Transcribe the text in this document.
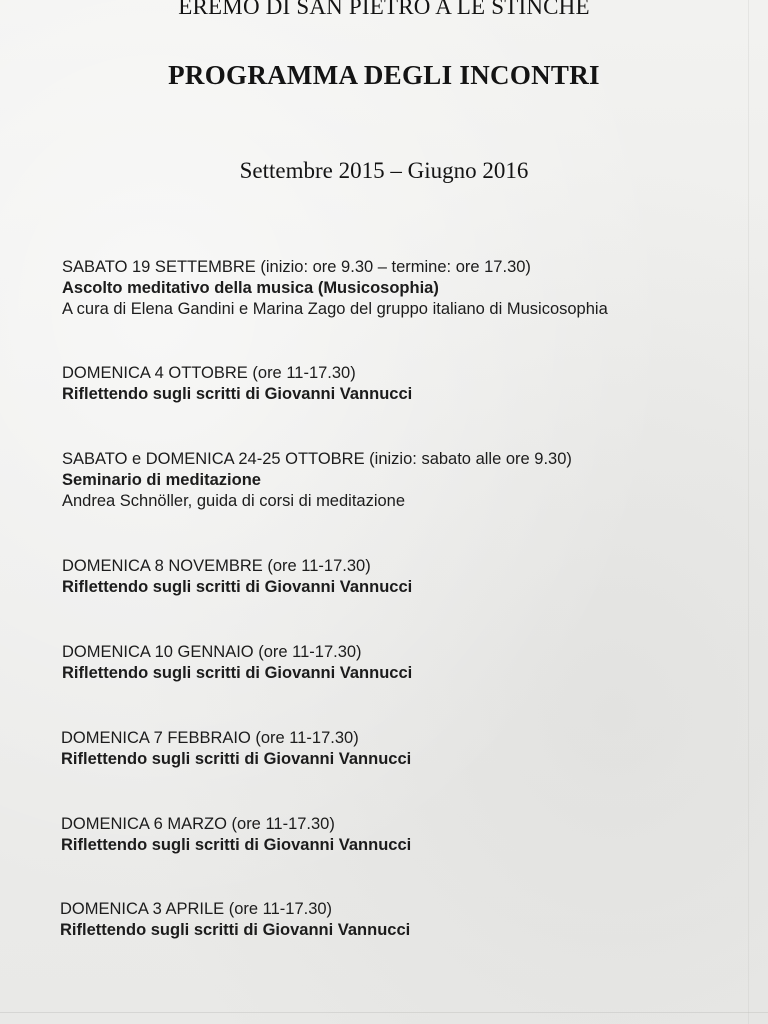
EREMO DI SAN PIETRO A LE STINCHE
PROGRAMMA DEGLI INCONTRI
Settembre 2015 – Giugno 2016
SABATO 19 SETTEMBRE (inizio: ore 9.30 – termine: ore 17.30)
Ascolto meditativo della musica (Musicosophia)
A cura di Elena Gandini e Marina Zago del gruppo italiano di Musicosophia
DOMENICA 4 OTTOBRE (ore 11-17.30)
Riflettendo sugli scritti di Giovanni Vannucci
SABATO e DOMENICA 24-25 OTTOBRE (inizio: sabato alle ore 9.30)
Seminario di meditazione
Andrea Schnöller, guida di corsi di meditazione
DOMENICA 8 NOVEMBRE (ore 11-17.30)
Riflettendo sugli scritti di Giovanni Vannucci
DOMENICA 10 GENNAIO (ore 11-17.30)
Riflettendo sugli scritti di Giovanni Vannucci
DOMENICA 7 FEBBRAIO (ore 11-17.30)
Riflettendo sugli scritti di Giovanni Vannucci
DOMENICA 6 MARZO (ore 11-17.30)
Riflettendo sugli scritti di Giovanni Vannucci
DOMENICA 3 APRILE (ore 11-17.30)
Riflettendo sugli scritti di Giovanni Vannucci
